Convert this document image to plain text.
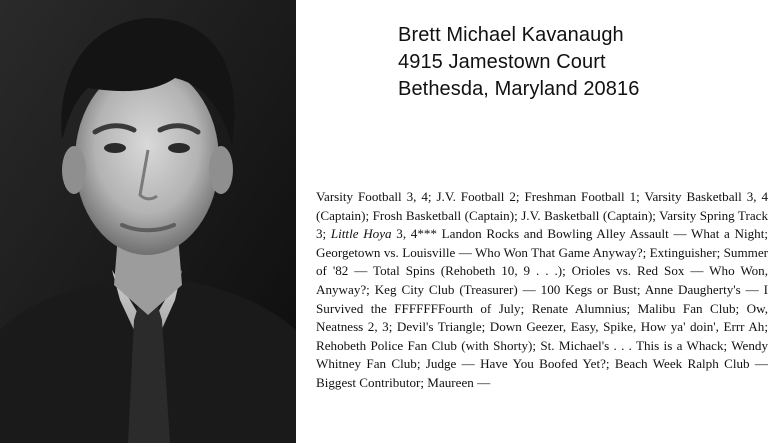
Brett Michael Kavanaugh
4915 Jamestown Court
Bethesda, Maryland 20816
Varsity Football 3, 4; J.V. Football 2; Freshman Football 1; Varsity Basketball 3, 4 (Captain); Frosh Basketball (Captain); J.V. Basketball (Captain); Varsity Spring Track 3; Little Hoya 3, 4*** Landon Rocks and Bowling Alley Assault — What a Night; Georgetown vs. Louisville — Who Won That Game Anyway?; Extinguisher; Summer of '82 — Total Spins (Rehobeth 10, 9 . . .); Orioles vs. Red Sox — Who Won, Anyway?; Keg City Club (Treasurer) — 100 Kegs or Bust; Anne Daugherty's — I Survived the FFFFFFFourth of July; Renate Alumnius; Malibu Fan Club; Ow, Neatness 2, 3; Devil's Triangle; Down Geezer, Easy, Spike, How ya' doin', Errr Ah; Rehobeth Police Fan Club (with Shorty); St. Michael's . . . This is a Whack; Wendy Whitney Fan Club; Judge — Have You Boofed Yet?; Beach Week Ralph Club — Biggest Contributor; Maureen —
